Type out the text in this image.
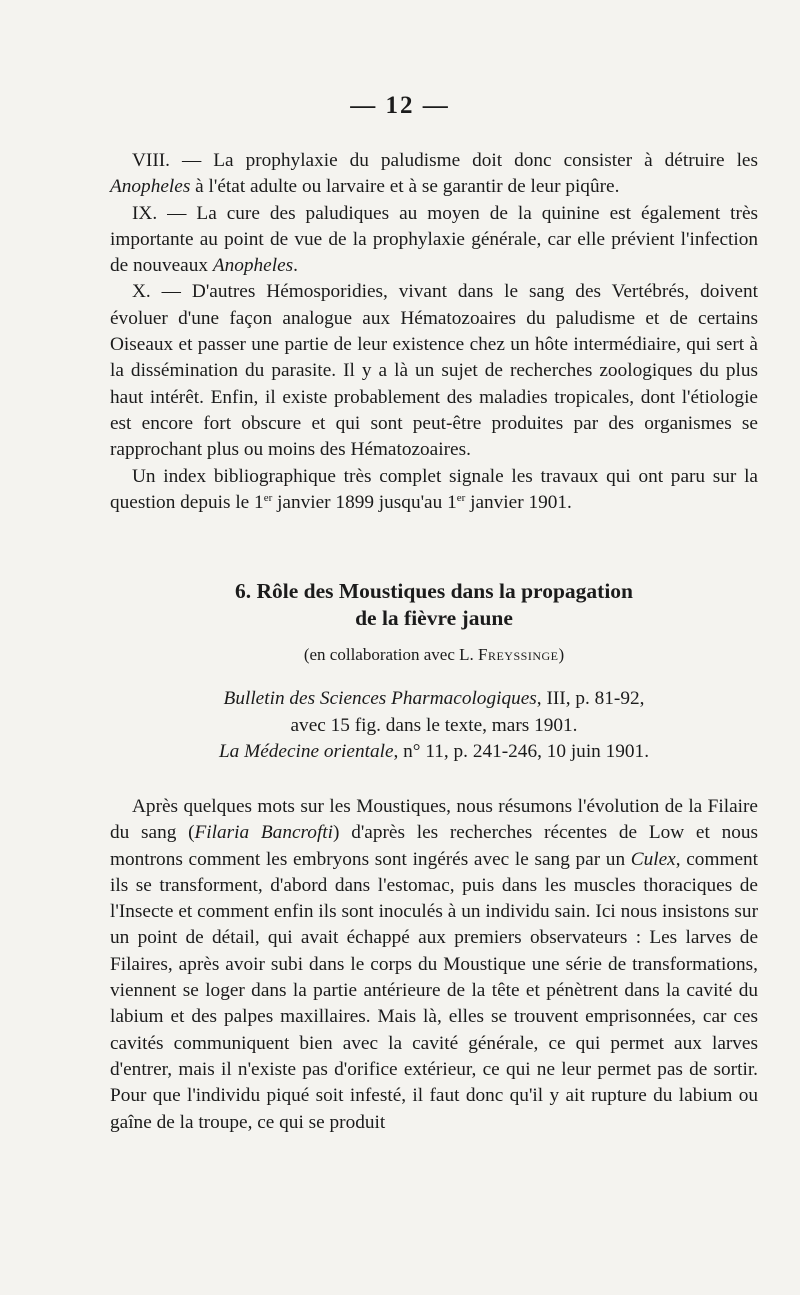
— 12 —

VIII. — La prophylaxie du paludisme doit donc consister à détruire les Anopheles à l'état adulte ou larvaire et à se garantir de leur piqûre.

IX. — La cure des paludiques au moyen de la quinine est également très importante au point de vue de la prophylaxie générale, car elle prévient l'infection de nouveaux Anopheles.

X. — D'autres Hémosporidies, vivant dans le sang des Vertébrés, doivent évoluer d'une façon analogue aux Hématozoaires du paludisme et de certains Oiseaux et passer une partie de leur existence chez un hôte intermédiaire, qui sert à la dissémination du parasite. Il y a là un sujet de recherches zoologiques du plus haut intérêt. Enfin, il existe probablement des maladies tropicales, dont l'étiologie est encore fort obscure et qui sont peut-être produites par des organismes se rapprochant plus ou moins des Hématozoaires.

Un index bibliographique très complet signale les travaux qui ont paru sur la question depuis le 1er janvier 1899 jusqu'au 1er janvier 1901.

6. Rôle des Moustiques dans la propagation

de la fièvre jaune

(en collaboration avec L. Freyssinge)
Bulletin des Sciences Pharmacologiques, III, p. 81-92,
avec 15 fig. dans le texte, mars 1901.
La Médecine orientale, n° 11, p. 241-246, 10 juin 1901.

Après quelques mots sur les Moustiques, nous résumons l'évolution de la Filaire du sang (Filaria Bancrofti) d'après les recherches récentes de Low et nous montrons comment les embryons sont ingérés avec le sang par un Culex, comment ils se transforment, d'abord dans l'estomac, puis dans les muscles thoraciques de l'Insecte et comment enfin ils sont inoculés à un individu sain. Ici nous insistons sur un point de détail, qui avait échappé aux premiers observateurs : Les larves de Filaires, après avoir subi dans le corps du Moustique une série de transformations, viennent se loger dans la partie antérieure de la tête et pénètrent dans la cavité du labium et des palpes maxillaires. Mais là, elles se trouvent emprisonnées, car ces cavités communiquent bien avec la cavité générale, ce qui permet aux larves d'entrer, mais il n'existe pas d'orifice extérieur, ce qui ne leur permet pas de sortir. Pour que l'individu piqué soit infesté, il faut donc qu'il y ait rupture du labium ou gaîne de la troupe, ce qui se produit
